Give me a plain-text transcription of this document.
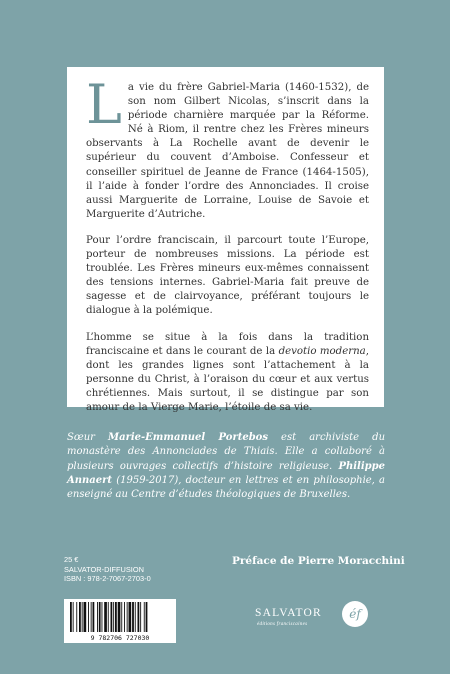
La vie du frère Gabriel-Maria (1460-1532), de son nom Gilbert Nicolas, s’inscrit dans la période charnière marquée par la Réforme. Né à Riom, il rentre chez les Frères mineurs observants à La Rochelle avant de devenir le supérieur du couvent d’Amboise. Confesseur et conseiller spirituel de Jeanne de France (1464-1505), il l’aide à fonder l’ordre des Annonciades. Il croise aussi Marguerite de Lorraine, Louise de Savoie et Marguerite d’Autriche.

Pour l’ordre franciscain, il parcourt toute l’Europe, porteur de nombreuses missions. La période est troublée. Les Frères mineurs eux-mêmes connaissent des tensions internes. Gabriel-Maria fait preuve de sagesse et de clairvoyance, préférant toujours le dialogue à la polémique.

L’homme se situe à la fois dans la tradition franciscaine et dans le courant de la devotio moderna, dont les grandes lignes sont l’attachement à la personne du Christ, à l’oraison du cœur et aux vertus chrétiennes. Mais surtout, il se distingue par son amour de la Vierge Marie, l’étoile de sa vie.

Sœur Marie-Emmanuel Portebos est archiviste du monastère des Annonciades de Thiais. Elle a collaboré à plusieurs ouvrages collectifs d’histoire religieuse. Philippe Annaert (1959-2017), docteur en lettres et en philosophie, a enseigné au Centre d’études théologiques de Bruxelles.

25 €
SALVATOR-DIFFUSION
ISBN : 978-2-7067-2703-0
9 782706 727030
Préface de Pierre Moracchini
SALVATOR
éditions franciscaines
éf
